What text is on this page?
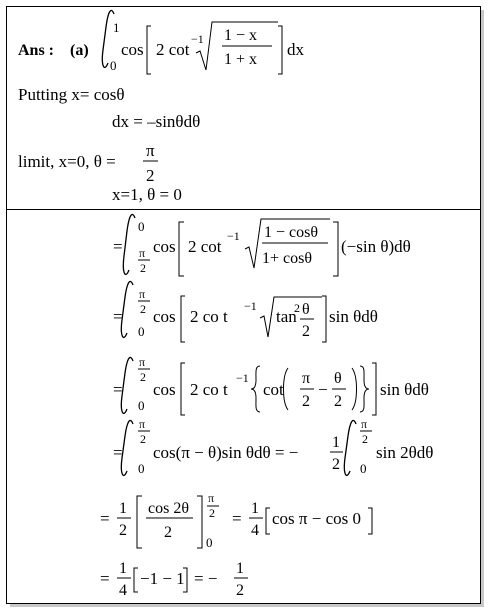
Ans : (a)
1
0
cos 2 cot
−1 1 − x
1 + x
dx
Putting x= cosθ
dx = –sinθdθ
limit, x=0, θ =
π
2
x=1, θ = 0
=
0
π
2
cos 2 cot
−1 1 − cosθ
1+ cosθ
(−sin θ)dθ
=
π
2
0
cos 2 co t
−1
tan
2 θ
2
sin θdθ
=
π
2
0
cos 2 co t
−1
cot
π
2
−
θ
2
sin θdθ
=
π
2
0
cos(π − θ)sin θdθ = −
1
2
π
2
0
sin 2θdθ
=
1
2
cos 2θ
2
π
2
0
=
1
4
cos π − cos 0
=
1
4
−1 − 1 = −
1
2
